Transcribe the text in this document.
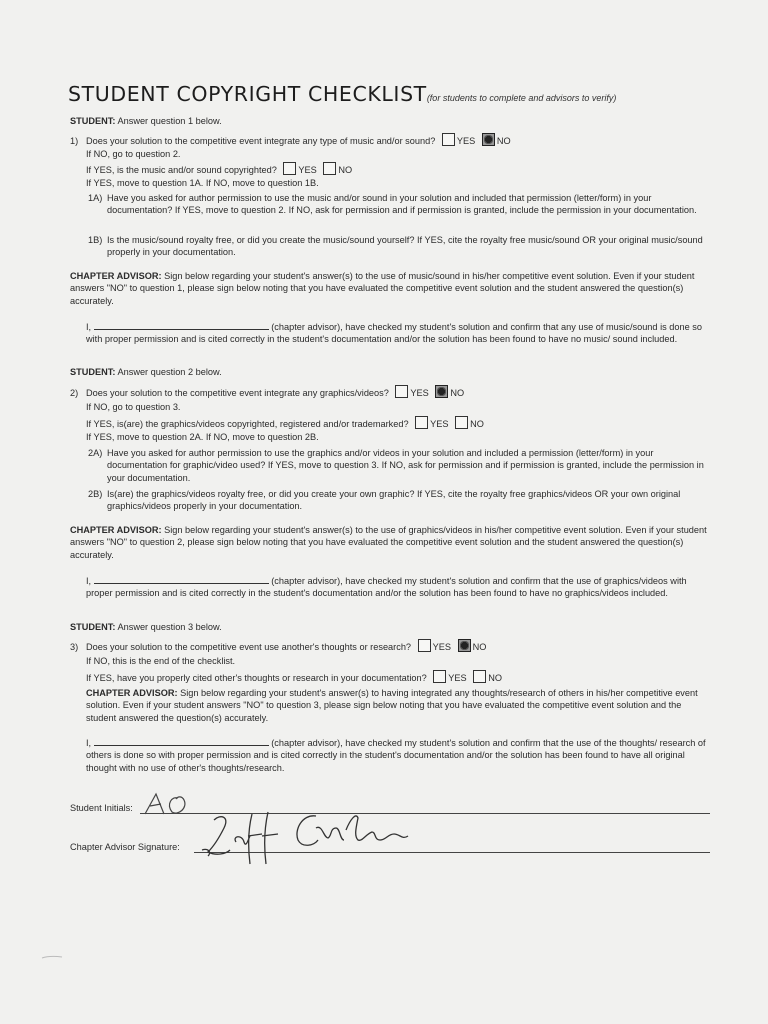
STUDENT COPYRIGHT CHECKLIST(for students to complete and advisors to verify)
STUDENT: Answer question 1 below.
1) Does your solution to the competitive event integrate any type of music and/or sound? YES NO
If NO, go to question 2.
If YES, is the music and/or sound copyrighted? YES NO
If YES, move to question 1A. If NO, move to question 1B.
1A) Have you asked for author permission to use the music and/or sound in your solution and included that permission (letter/form) in your documentation? If YES, move to question 2. If NO, ask for permission and if permission is granted, include the permission in your documentation.
1B) Is the music/sound royalty free, or did you create the music/sound yourself? If YES, cite the royalty free music/sound OR your original music/sound properly in your documentation.
CHAPTER ADVISOR: Sign below regarding your student's answer(s) to the use of music/sound in his/her competitive event solution. Even if your student answers "NO" to question 1, please sign below noting that you have evaluated the competitive event solution and the student answered the question(s) accurately.
I,	(chapter advisor), have checked my student's solution and confirm that any use of music/sound is done so with proper permission and is cited correctly in the student's documentation and/or the solution has been found to have no music/ sound included.
STUDENT: Answer question 2 below.
2) Does your solution to the competitive event integrate any graphics/videos? YES NO
If NO, go to question 3.
If YES, is(are) the graphics/videos copyrighted, registered and/or trademarked? YES NO
If YES, move to question 2A. If NO, move to question 2B.
2A) Have you asked for author permission to use the graphics and/or videos in your solution and included a permission (letter/form) in your documentation for graphic/video used? If YES, move to question 3. If NO, ask for permission and if permission is granted, include the permission in your documentation.
2B) Is(are) the graphics/videos royalty free, or did you create your own graphic? If YES, cite the royalty free graphics/videos OR your own original graphics/videos properly in your documentation.
CHAPTER ADVISOR: Sign below regarding your student's answer(s) to the use of graphics/videos in his/her competitive event solution. Even if your student answers "NO" to question 2, please sign below noting that you have evaluated the competitive event solution and the student answered the question(s) accurately.
I,	(chapter advisor), have checked my student's solution and confirm that the use of graphics/videos with proper permission and is cited correctly in the student's documentation and/or the solution has been found to have no graphics/videos included.
STUDENT: Answer question 3 below.
3) Does your solution to the competitive event use another's thoughts or research? YES NO
If NO, this is the end of the checklist.
If YES, have you properly cited other's thoughts or research in your documentation? YES NO
CHAPTER ADVISOR: Sign below regarding your student's answer(s) to having integrated any thoughts/research of others in his/her competitive event solution. Even if your student answers "NO" to question 3, please sign below noting that you have evaluated the competitive event solution and the student answered the question(s) accurately.
I,	(chapter advisor), have checked my student's solution and confirm that the use of the thoughts/ research of others is done so with proper permission and is cited correctly in the student's documentation and/or the solution has been found to have all original thought with no use of other's thoughts/research.
Student Initials:
Chapter Advisor Signature:
